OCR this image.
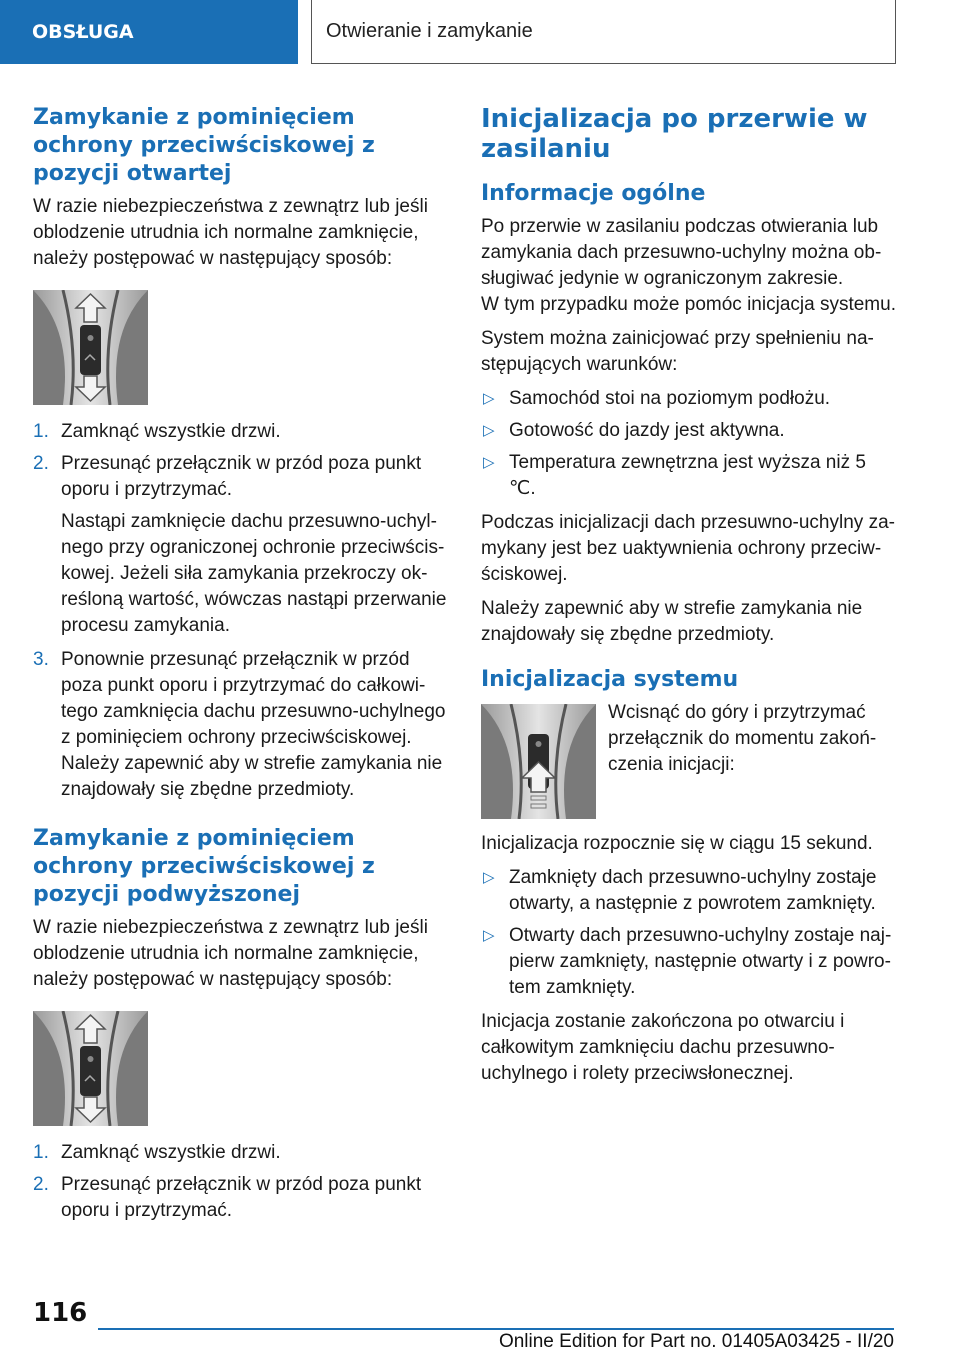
OBSŁUGA	Otwieranie i zamykanie
Zamykanie z pominięciem ochrony przeciwściskowej z pozycji otwartej

W razie niebezpieczeństwa z zewnątrz lub jeśli oblodzenie utrudnia ich normalne zamknięcie, należy postępować w następujący sposób:

1. Zamknąć wszystkie drzwi.
2. Przesunąć przełącznik w przód poza punkt oporu i przytrzymać.

Nastąpi zamknięcie dachu przesuwno-uchylnego przy ograniczonej ochronie przeciwściskowej. Jeżeli siła zamykania przekroczy określoną wartość, wówczas nastąpi przerwanie procesu zamykania.

3. Ponownie przesunąć przełącznik w przód poza punkt oporu i przytrzymać do całkowitego zamknięcia dachu przesuwno-uchylnego z pominięciem ochrony przeciwściskowej. Należy zapewnić aby w strefie zamykania nie znajdowały się zbędne przedmioty.
Zamykanie z pominięciem ochrony przeciwściskowej z pozycji podwyższonej

W razie niebezpieczeństwa z zewnątrz lub jeśli oblodzenie utrudnia ich normalne zamknięcie, należy postępować w następujący sposób:

1. Zamknąć wszystkie drzwi.
2. Przesunąć przełącznik w przód poza punkt oporu i przytrzymać.
Inicjalizacja po przerwie w zasilaniu
Informacje ogólne

Po przerwie w zasilaniu podczas otwierania lub zamykania dach przesuwno-uchylny można obsługiwać jedynie w ograniczonym zakresie.

W tym przypadku może pomóc inicjacja systemu.

System można zainicjować przy spełnieniu następujących warunków:

▷ Samochód stoi na poziomym podłożu.
▷ Gotowość do jazdy jest aktywna.
▷ Temperatura zewnętrzna jest wyższa niż 5 ℃.

Podczas inicjalizacji dach przesuwno-uchylny zamykany jest bez uaktywnienia ochrony przeciwściskowej.

Należy zapewnić aby w strefie zamykania nie znajdowały się zbędne przedmioty.

Inicjalizacja systemu

Wcisnąć do góry i przytrzymać przełącznik do momentu zakończenia inicjacji:

Inicjalizacja rozpocznie się w ciągu 15 sekund.

▷ Zamknięty dach przesuwno-uchylny zostaje otwarty, a następnie z powrotem zamknięty.
▷ Otwarty dach przesuwno-uchylny zostaje najpierw zamknięty, następnie otwarty i z powrotem zamknięty.

Inicjacja zostanie zakończona po otwarciu i całkowitym zamknięciu dachu przesuwno-uchylnego i rolety przeciwsłonecznej.

116
Online Edition for Part no. 01405A03425 - II/20
